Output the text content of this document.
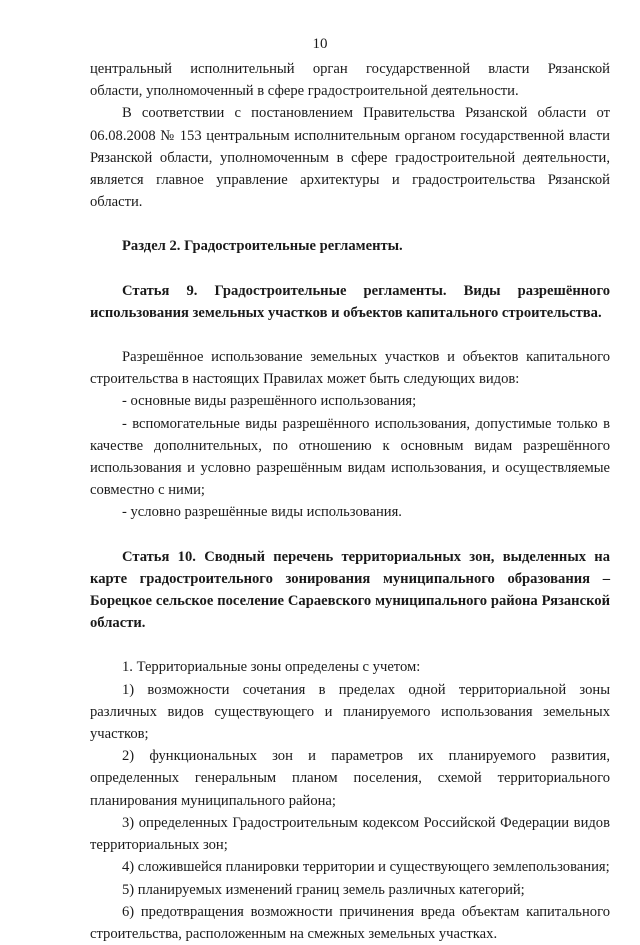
10

центральный исполнительный орган государственной власти Рязанской

области, уполномоченный в сфере градостроительной деятельности.

В соответствии с постановлением Правительства Рязанской области от 06.08.2008 № 153 центральным исполнительным органом государственной власти Рязанской области, уполномоченным в сфере градостроительной деятельности, является главное управление архитектуры и градостроительства Рязанской области.

Раздел 2. Градостроительные регламенты.

Статья 9. Градостроительные регламенты. Виды разрешённого использования земельных участков и объектов капитального строительства.

Разрешённое использование земельных участков и объектов капитального строительства в настоящих Правилах может быть следующих видов:

- основные виды разрешённого использования;

- вспомогательные виды разрешённого использования, допустимые только в качестве дополнительных, по отношению к основным видам разрешённого использования и условно разрешённым видам использования, и осуществляемые совместно с ними;

- условно разрешённые виды использования.

Статья 10. Сводный перечень территориальных зон, выделенных на карте градостроительного зонирования муниципального образования – Борецкое сельское поселение Сараевского муниципального района Рязанской области.

1. Территориальные зоны определены с учетом:

1) возможности сочетания в пределах одной территориальной зоны различных видов существующего и планируемого использования земельных участков;

2) функциональных зон и параметров их планируемого развития, определенных генеральным планом поселения, схемой территориального планирования муниципального района;

3) определенных Градостроительным кодексом Российской Федерации видов территориальных зон;

4) сложившейся планировки территории и существующего землепользования;

5) планируемых изменений границ земель различных категорий;

6) предотвращения возможности причинения вреда объектам капитального строительства, расположенным на смежных земельных участках.
